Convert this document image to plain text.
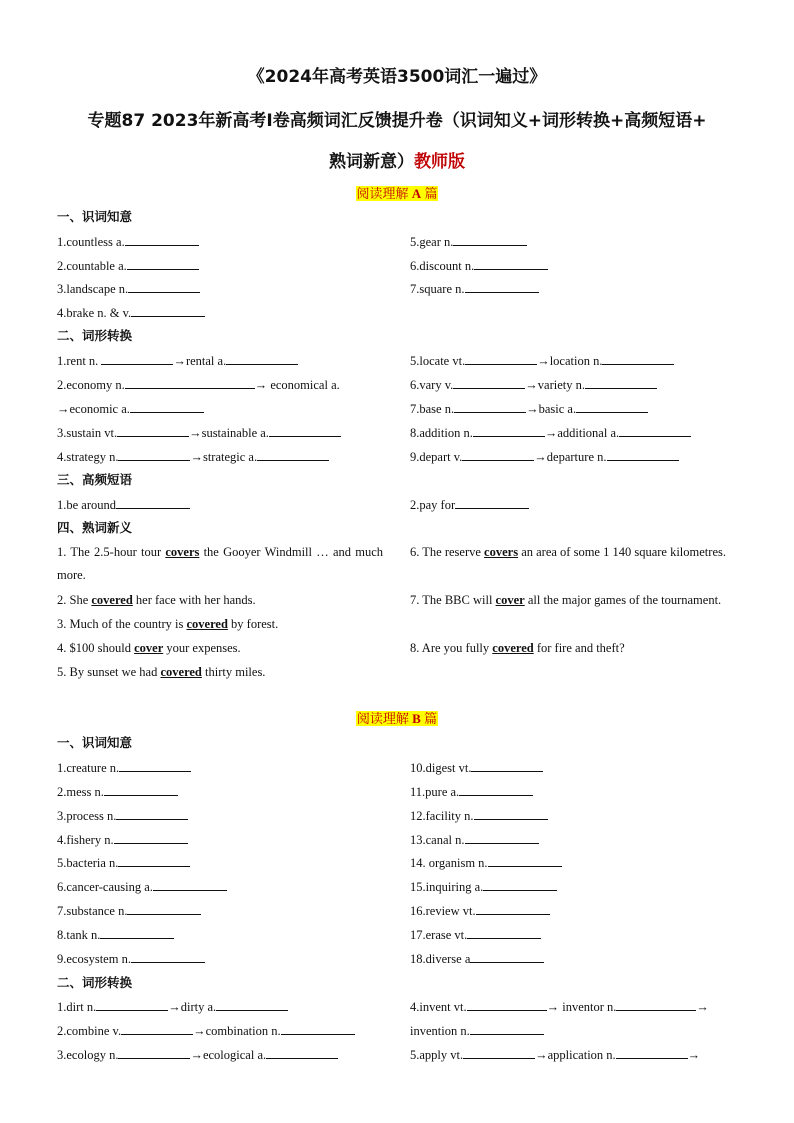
《2024年高考英语3500词汇一遍过》
专题87 2023年新高考I卷高频词汇反馈提升卷（识词知义+词形转换+高频短语+
熟词新意）教师版
阅读理解 A 篇
一、识词知意
1.countless a.
2.countable a.
3.landscape n.
4.brake n. & v.
5.gear n.
6.discount n.
7.square n.
二、词形转换
1.rent n.	→rental a.
2.economy n.	→ economical a.
→economic a.
3.sustain vt.	→sustainable a.
4.strategy n.	→strategic a.
5.locate vt.	→location n.
6.vary v.	→variety n.
7.base n.	→basic a.
8.addition n.	→additional a.
9.depart v.	→departure n.
三、高频短语
1.be around	2.pay for
四、熟词新义
1. The 2.5-hour tour covers the Gooyer Windmill … and much more.
2. She covered her face with her hands.
3. Much of the country is covered by forest.
4. $100 should cover your expenses.
5. By sunset we had covered thirty miles.
6. The reserve covers an area of some 1 140 square kilometres.
7. The BBC will cover all the major games of the tournament.
8. Are you fully covered for fire and theft?
阅读理解 B 篇
一、识词知意
1.creature n.
2.mess n.
3.process n.
4.fishery n.
5.bacteria n.
6.cancer-causing a.
7.substance n.
8.tank n.
9.ecosystem n.
10.digest vt.
11.pure a.
12.facility n.
13.canal n.
14. organism n.
15.inquiring a.
16.review vt.
17.erase vt.
18.diverse a
二、词形转换
1.dirt n.	→dirty a.
2.combine v.	→combination n.
3.ecology n.	→ecological a.
4.invent vt.	→ inventor n.	→
invention n.
5.apply vt.	→application n.	→
